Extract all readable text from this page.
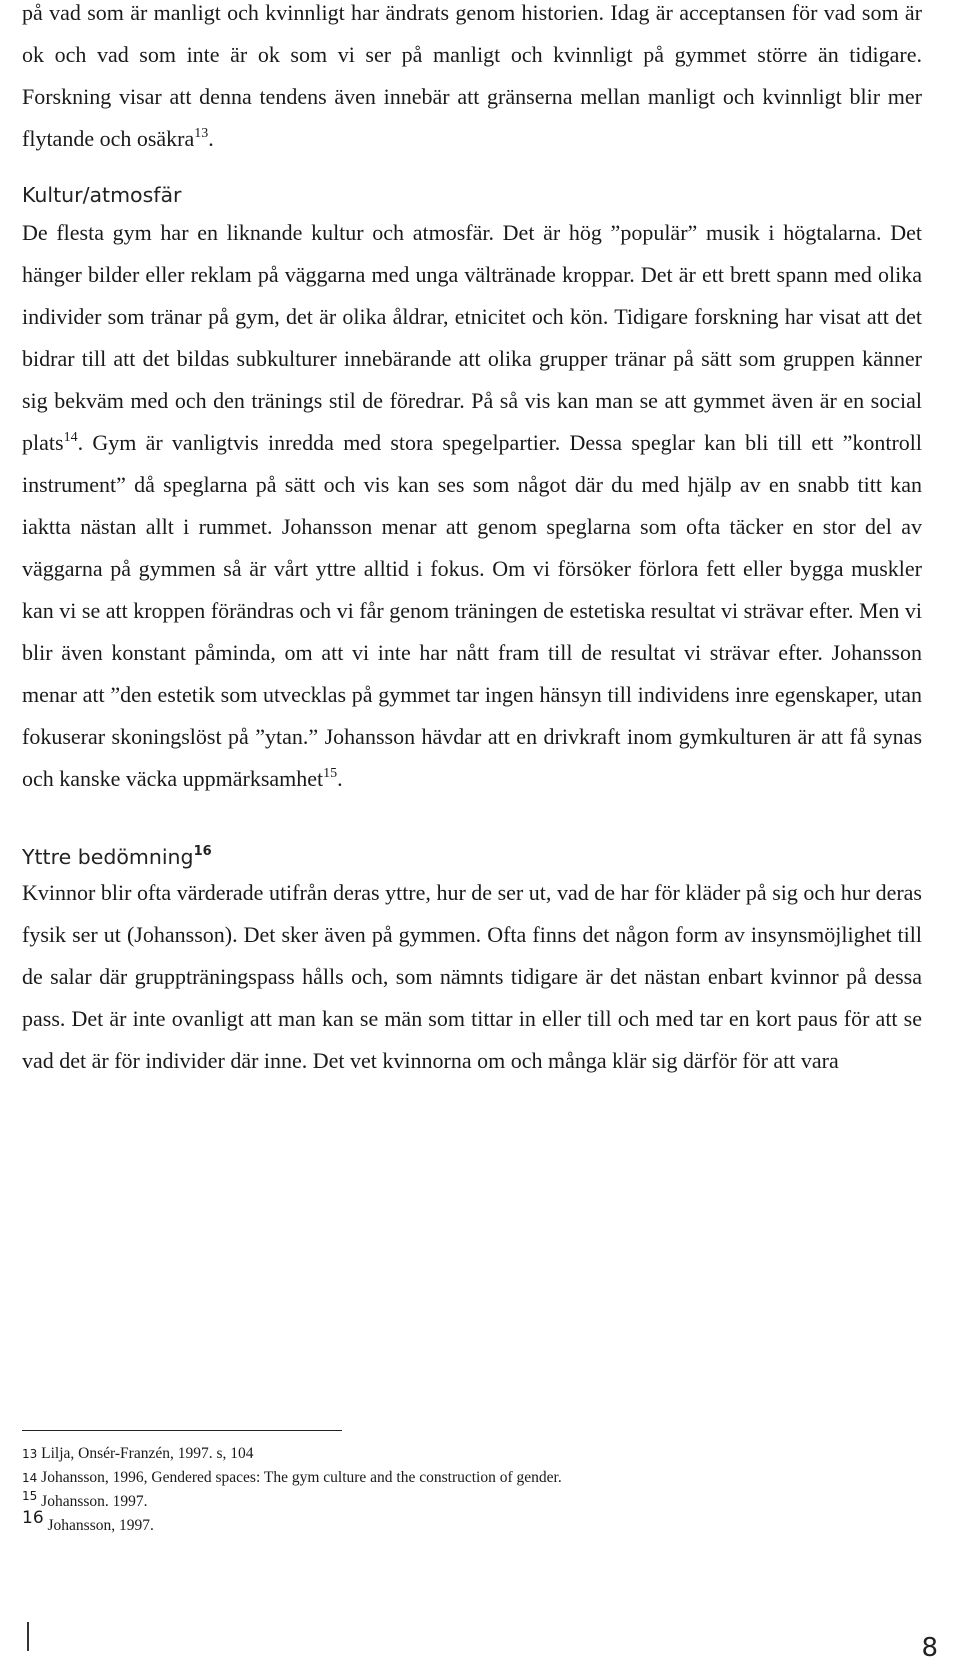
på vad som är manligt och kvinnligt har ändrats genom historien. Idag är acceptansen för vad som är ok och vad som inte är ok som vi ser på manligt och kvinnligt på gymmet större än tidigare. Forskning visar att denna tendens även innebär att gränserna mellan manligt och kvinnligt blir mer flytande och osäkra$^{13}$.

Kultur/atmosfär

De flesta gym har en liknande kultur och atmosfär. Det är hög ”populär” musik i högtalarna. Det hänger bilder eller reklam på väggarna med unga vältränade kroppar. Det är ett brett spann med olika individer som tränar på gym, det är olika åldrar, etnicitet och kön. Tidigare forskning har visat att det bidrar till att det bildas subkulturer innebärande att olika grupper tränar på sätt som gruppen känner sig bekväm med och den tränings stil de föredrar. På så vis kan man se att gymmet även är en social plats$^{14}$. Gym är vanligtvis inredda med stora spegelpartier. Dessa speglar kan bli till ett ”kontroll instrument” då speglarna på sätt och vis kan ses som något där du med hjälp av en snabb titt kan iaktta nästan allt i rummet. Johansson menar att genom speglarna som ofta täcker en stor del av väggarna på gymmen så är vårt yttre alltid i fokus. Om vi försöker förlora fett eller bygga muskler kan vi se att kroppen förändras och vi får genom träningen de estetiska resultat vi strävar efter. Men vi blir även konstant påminda, om att vi inte har nått fram till de resultat vi strävar efter. Johansson menar att ”den estetik som utvecklas på gymmet tar ingen hänsyn till individens inre egenskaper, utan fokuserar skoningslöst på ”ytan.” Johansson hävdar att en drivkraft inom gymkulturen är att få synas och kanske väcka uppmärksamhet$^{15}$.

Yttre bedömning$^{16}$

Kvinnor blir ofta värderade utifrån deras yttre, hur de ser ut, vad de har för kläder på sig och hur deras fysik ser ut (Johansson). Det sker även på gymmen. Ofta finns det någon form av insynsmöjlighet till de salar där gruppträningspass hålls och, som nämnts tidigare är det nästan enbart kvinnor på dessa pass. Det är inte ovanligt att man kan se män som tittar in eller till och med tar en kort paus för att se vad det är för individer där inne. Det vet kvinnorna om och många klär sig därför för att vara

13 Lilja, Onsér-Franzén, 1997. s, 104
14 Johansson, 1996, Gendered spaces: The gym culture and the construction of gender.
$^{15}$ Johansson. 1997.
16 Johansson, 1997.
8
